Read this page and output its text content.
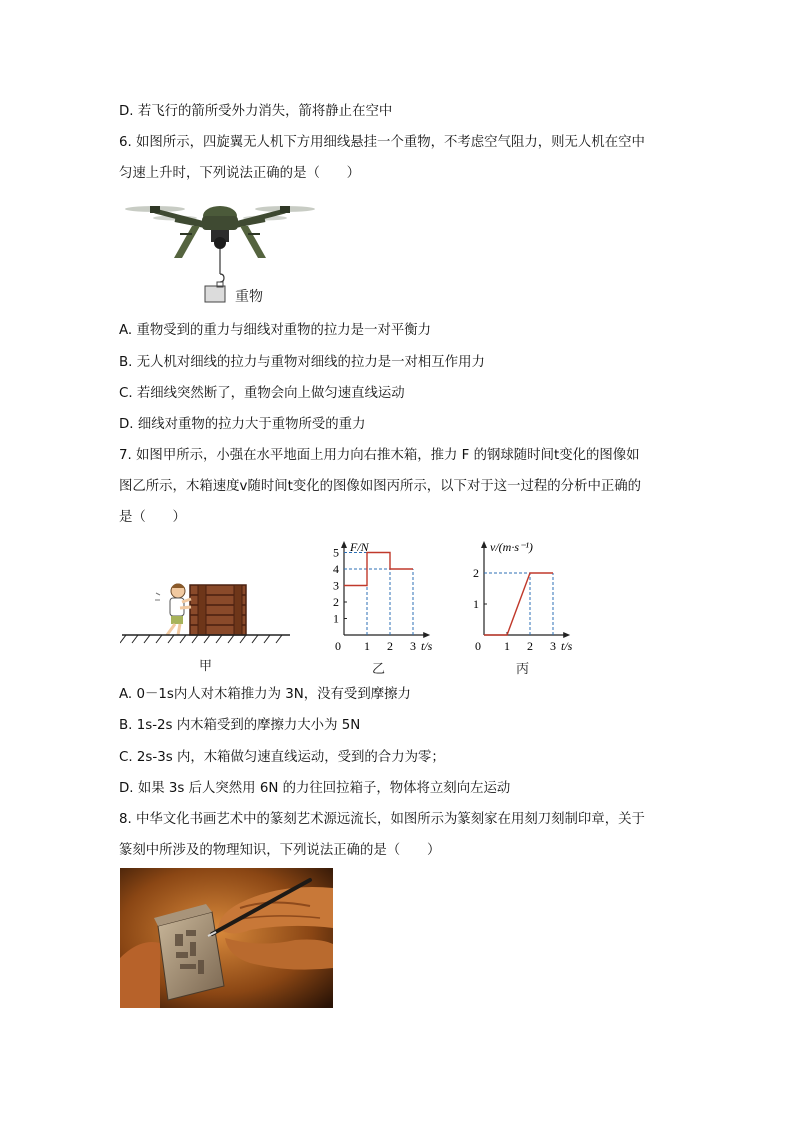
D. 若飞行的箭所受外力消失，箭将静止在空中
6. 如图所示，四旋翼无人机下方用细线悬挂一个重物，不考虑空气阻力，则无人机在空中
匀速上升时，下列说法正确的是（　　）
重物
A. 重物受到的重力与细线对重物的拉力是一对平衡力
B. 无人机对细线的拉力与重物对细线的拉力是一对相互作用力
C. 若细线突然断了，重物会向上做匀速直线运动
D. 细线对重物的拉力大于重物所受的重力
7. 如图甲所示，小强在水平地面上用力向右推木箱，推力 F 的钢球随时间t变化的图像如
图乙所示，木箱速度v随时间t变化的图像如图丙所示，以下对于这一过程的分析中正确的
是（　　）
甲
F/N
t/s
0 1 2 3
1
2
3
4
5
乙
v/(m·s⁻¹)
t/s
0 1 2 3
1
2
丙
A. 0－1s内人对木箱推力为 3N，没有受到摩擦力
B. 1s-2s 内木箱受到的摩擦力大小为 5N
C. 2s-3s 内，木箱做匀速直线运动，受到的合力为零；
D. 如果 3s 后人突然用 6N 的力往回拉箱子，物体将立刻向左运动
8. 中华文化书画艺术中的篆刻艺术源远流长，如图所示为篆刻家在用刻刀刻制印章，关于
篆刻中所涉及的物理知识，下列说法正确的是（　　）
